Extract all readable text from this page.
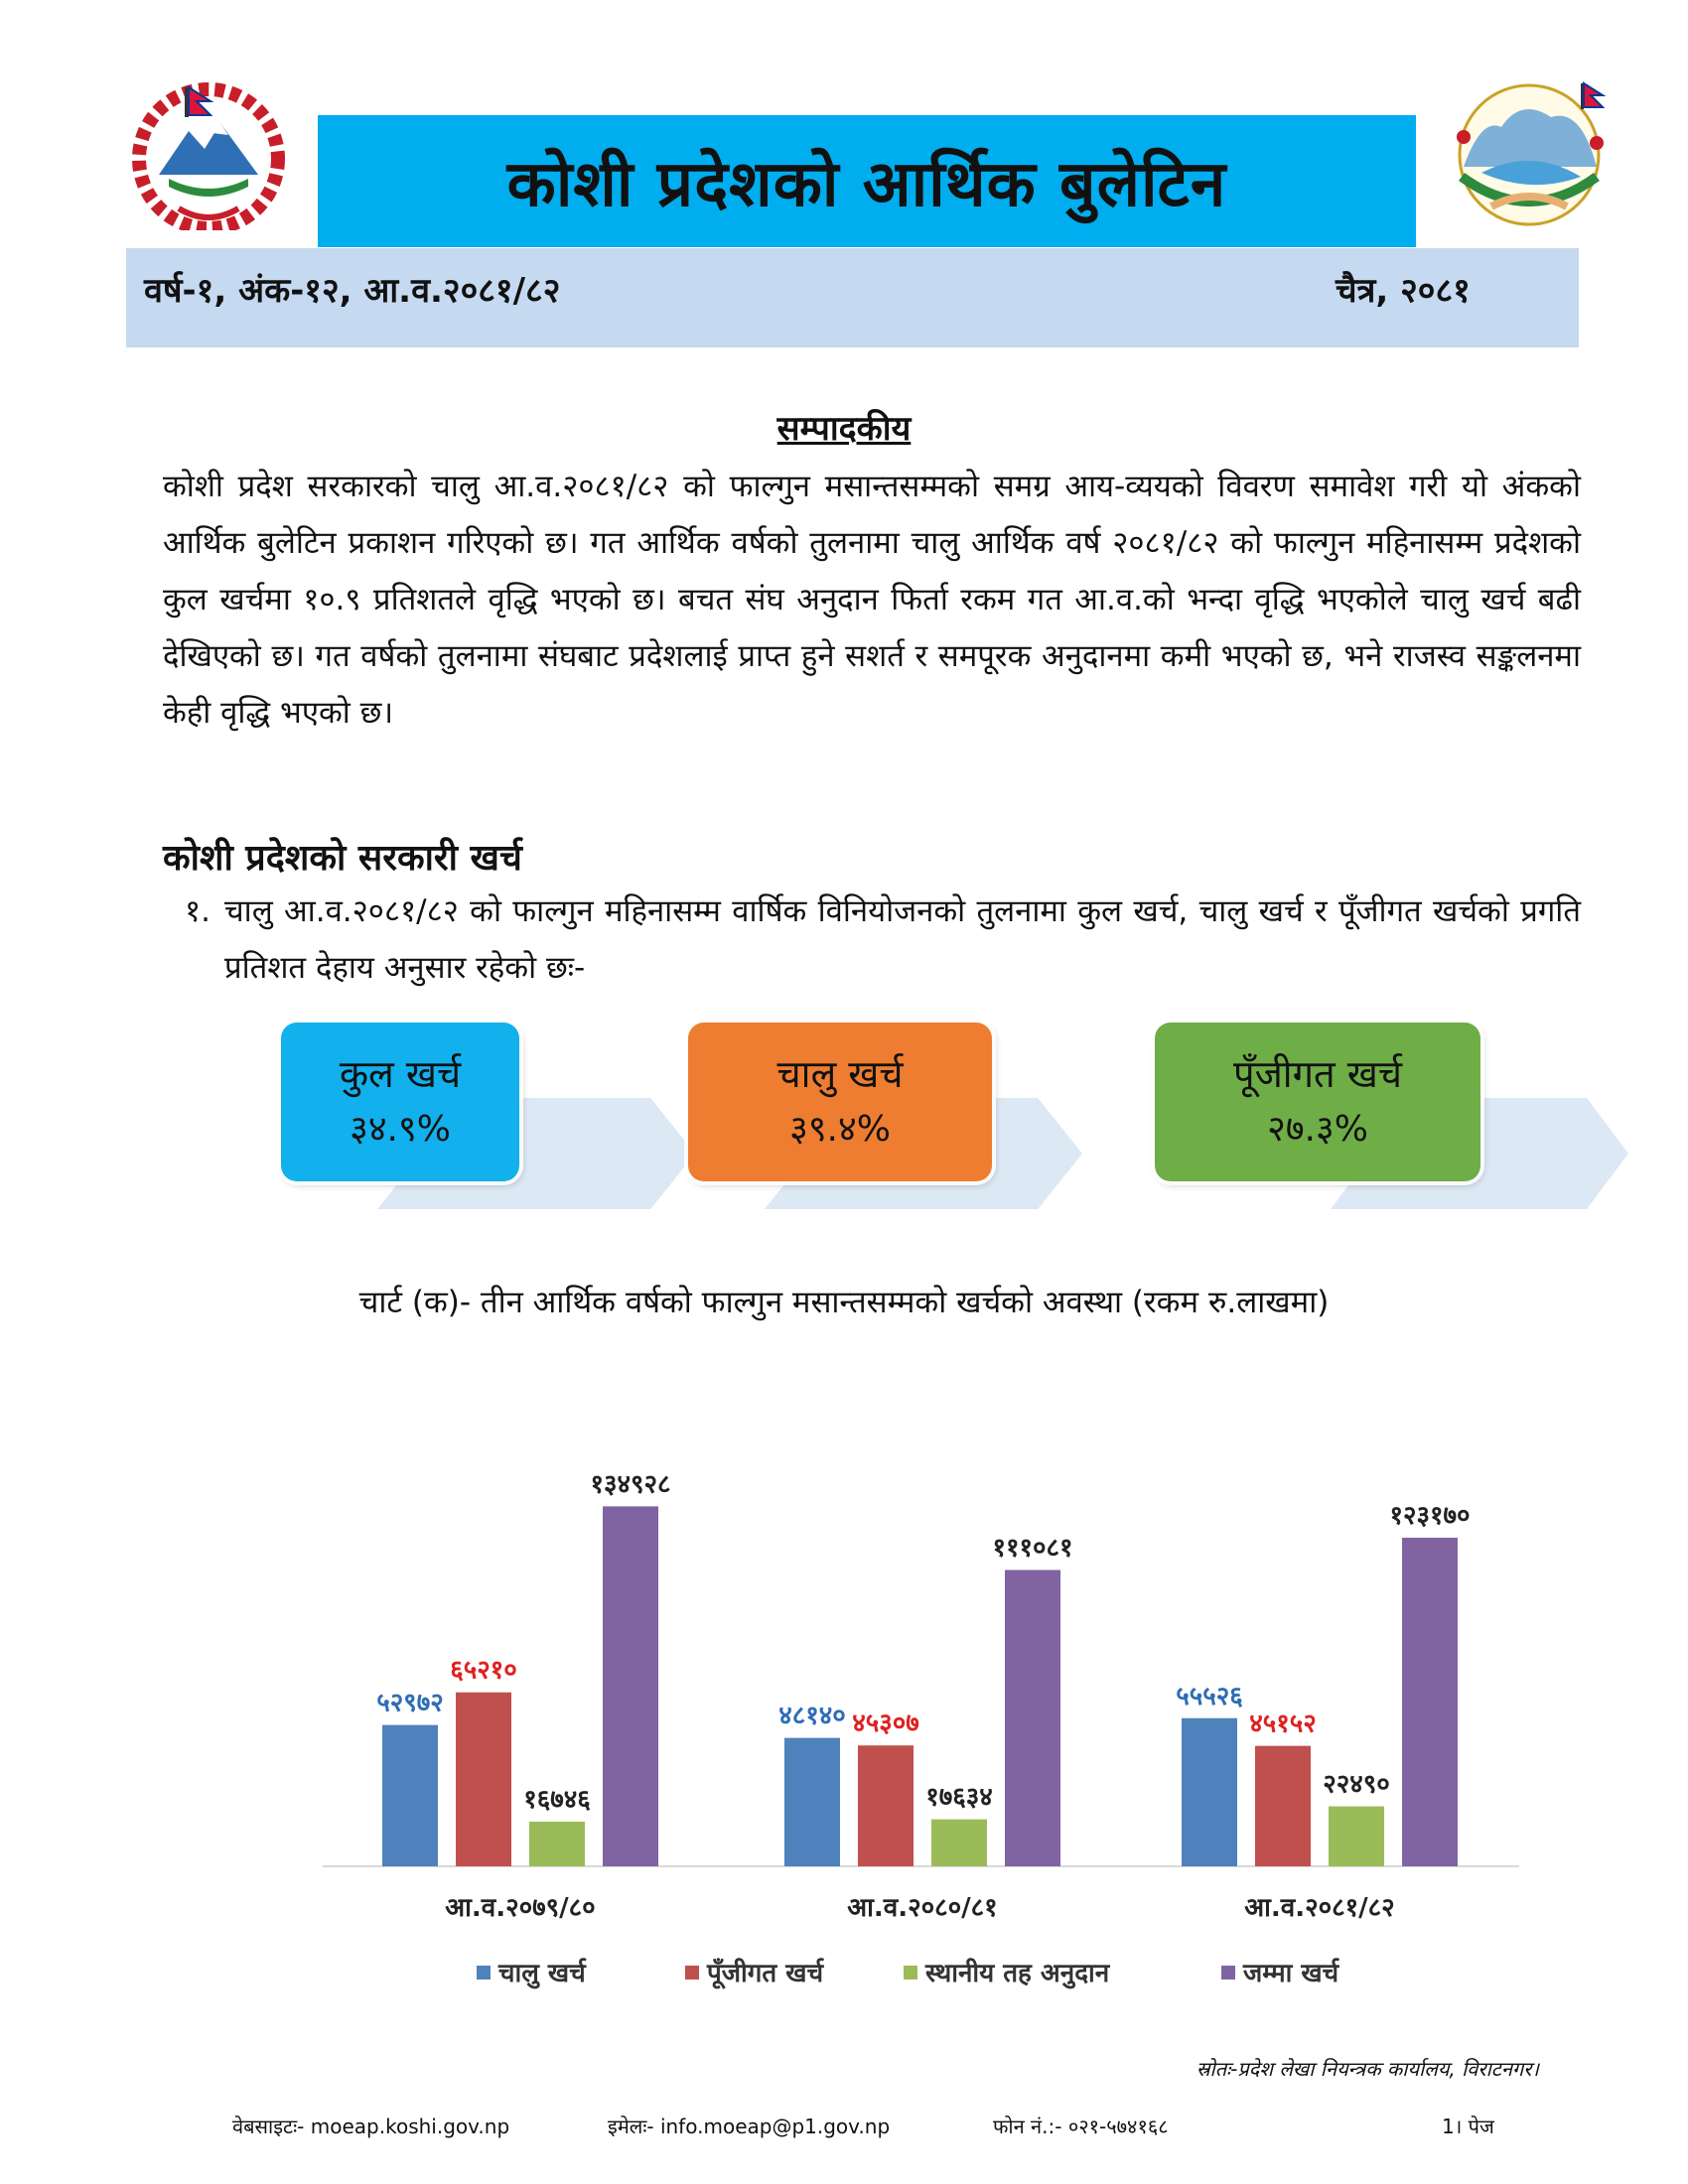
कोशी प्रदेशको आर्थिक बुलेटिन
वर्ष-१, अंक-१२, आ.व.२०८१/८२	चैत्र, २०८१
सम्पादकीय
कोशी प्रदेश सरकारको चालु आ.व.२०८१/८२ को फाल्गुन मसान्तसम्मको समग्र आय-व्ययको विवरण समावेश गरी यो अंकको आर्थिक बुलेटिन प्रकाशन गरिएको छ। गत आर्थिक वर्षको तुलनामा चालु आर्थिक वर्ष २०८१/८२ को फाल्गुन महिनासम्म प्रदेशको कुल खर्चमा १०.९ प्रतिशतले वृद्धि भएको छ। बचत संघ अनुदान फिर्ता रकम गत आ.व.को भन्दा वृद्धि भएकोले चालु खर्च बढी देखिएको छ। गत वर्षको तुलनामा संघबाट प्रदेशलाई प्राप्त हुने सशर्त र समपूरक अनुदानमा कमी भएको छ, भने राजस्व सङ्कलनमा केही वृद्धि भएको छ।
कोशी प्रदेशको सरकारी खर्च
१. चालु आ.व.२०८१/८२ को फाल्गुन महिनासम्म वार्षिक विनियोजनको तुलनामा कुल खर्च, चालु खर्च र पूँजीगत खर्चको प्रगति प्रतिशत देहाय अनुसार रहेको छः-
कुल खर्च
३४.९%
चालु खर्च
३९.४%
पूँजीगत खर्च
२७.३%
चार्ट (क)- तीन आर्थिक वर्षको फाल्गुन मसान्तसम्मको खर्चको अवस्था (रकम रु.लाखमा)
५२९७२
६५२१०
१६७४६
१३४९२८
आ.व.२०७९/८०
४८१४० ४५३०७
१७६३४
१११०८१
आ.व.२०८०/८१
५५५२६
४५१५२
२२४९०
१२३१७०
आ.व.२०८१/८२
चालु खर्च	पूँजीगत खर्च	स्थानीय तह अनुदान	जम्मा खर्च
स्रोतः-प्रदेश लेखा नियन्त्रक कार्यालय, विराटनगर।
वेबसाइटः- moeap.koshi.gov.np	इमेलः- info.moeap@p1.gov.np	फोन नं.:- ०२१-५७४१६८	1। पेज
